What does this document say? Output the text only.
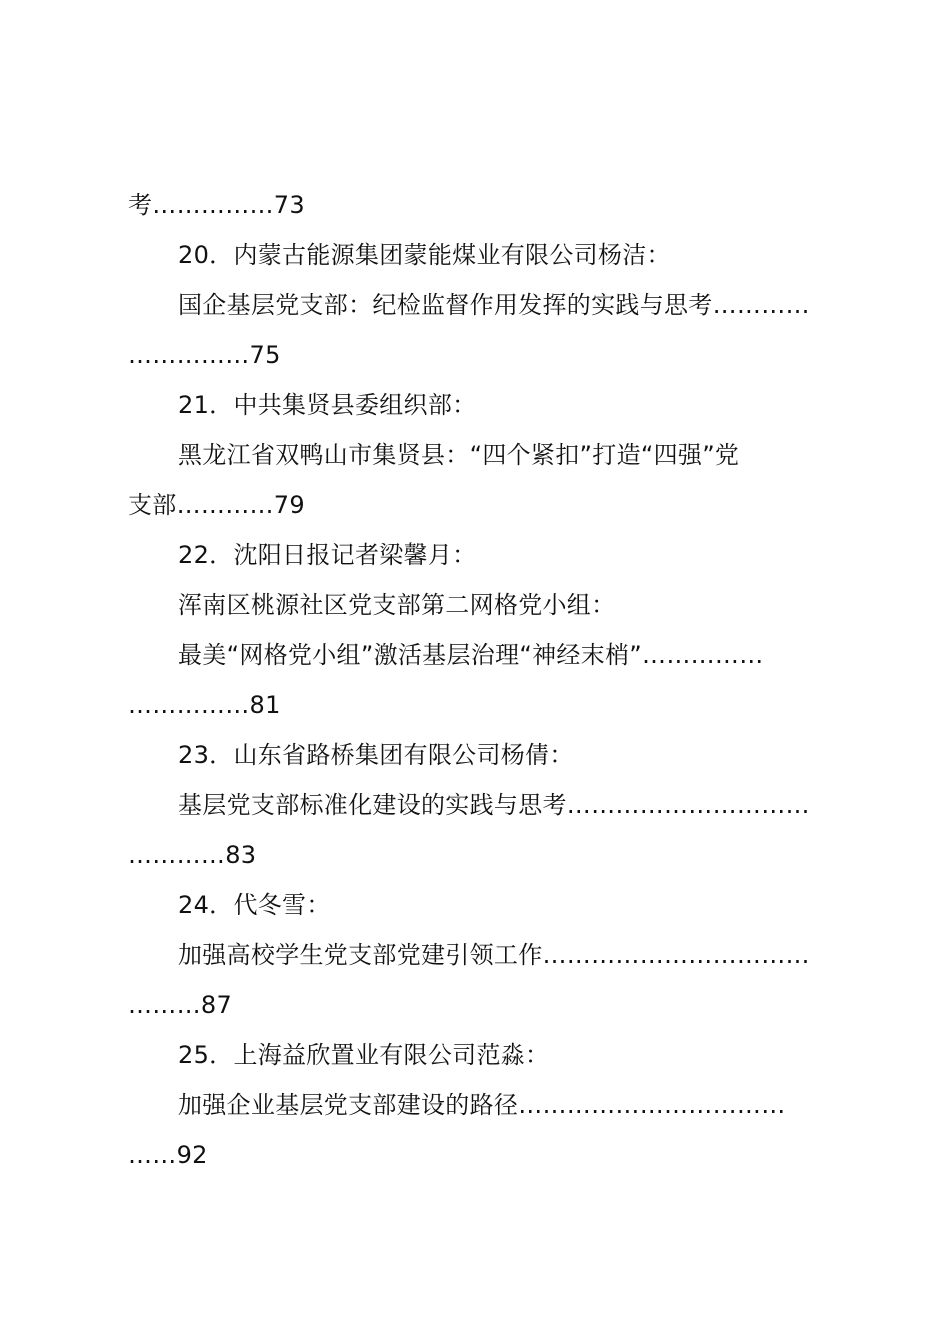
考……………73
20．内蒙古能源集团蒙能煤业有限公司杨洁：
国企基层党支部：纪检监督作用发挥的实践与思考…………
……………75
21．中共集贤县委组织部：
黑龙江省双鸭山市集贤县：“四个紧扣”打造“四强”党
支部…………79
22．沈阳日报记者梁馨月：
浑南区桃源社区党支部第二网格党小组：
最美“网格党小组”激活基层治理“神经末梢”……………
……………81
23．山东省路桥集团有限公司杨倩：
基层党支部标准化建设的实践与思考…………………………
…………83
24．代冬雪：
加强高校学生党支部党建引领工作……………………………
………87
25．上海益欣置业有限公司范淼：
加强企业基层党支部建设的路径……………………………
……92
